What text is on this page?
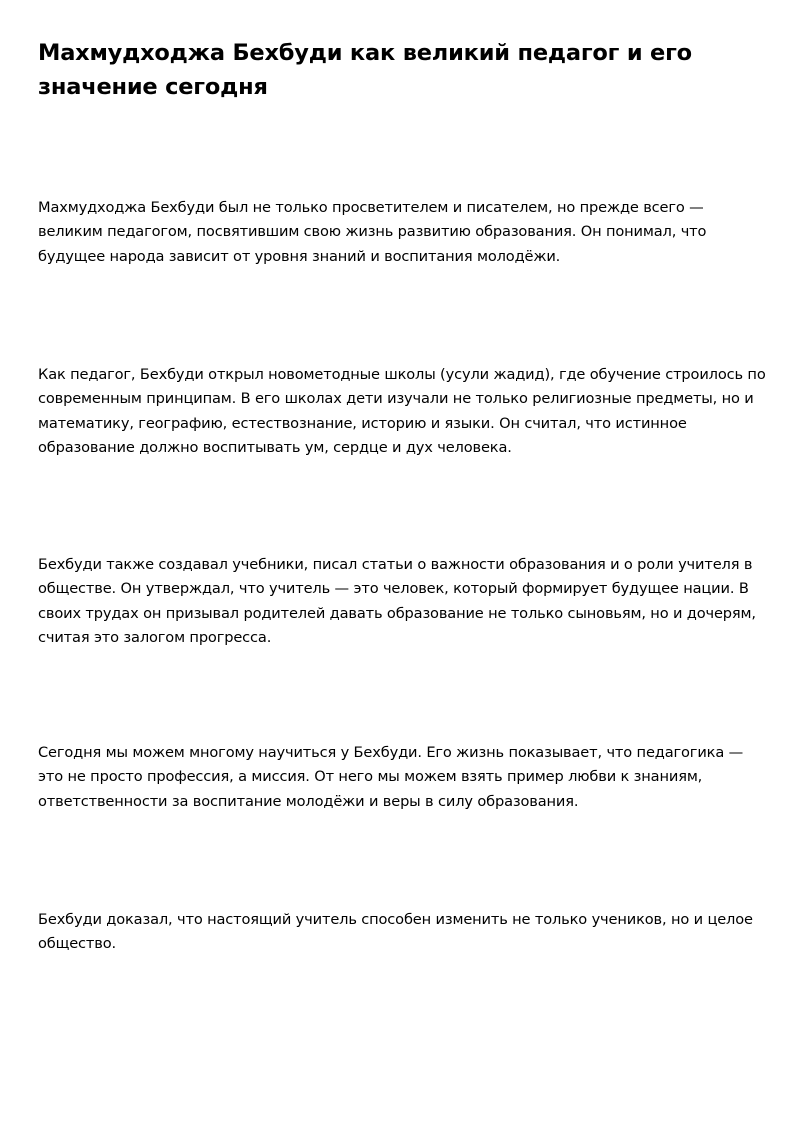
Махмудходжа Бехбуди как великий педагог и его значение сегодня

Махмудходжа Бехбуди был не только просветителем и писателем, но прежде всего — великим педагогом, посвятившим свою жизнь развитию образования. Он понимал, что будущее народа зависит от уровня знаний и воспитания молодёжи.

Как педагог, Бехбуди открыл новометодные школы (усули жадид), где обучение строилось по современным принципам. В его школах дети изучали не только религиозные предметы, но и математику, географию, естествознание, историю и языки. Он считал, что истинное образование должно воспитывать ум, сердце и дух человека.

Бехбуди также создавал учебники, писал статьи о важности образования и о роли учителя в обществе. Он утверждал, что учитель — это человек, который формирует будущее нации. В своих трудах он призывал родителей давать образование не только сыновьям, но и дочерям, считая это залогом прогресса.

Сегодня мы можем многому научиться у Бехбуди. Его жизнь показывает, что педагогика — это не просто профессия, а миссия. От него мы можем взять пример любви к знаниям, ответственности за воспитание молодёжи и веры в силу образования.

Бехбуди доказал, что настоящий учитель способен изменить не только учеников, но и целое общество.
